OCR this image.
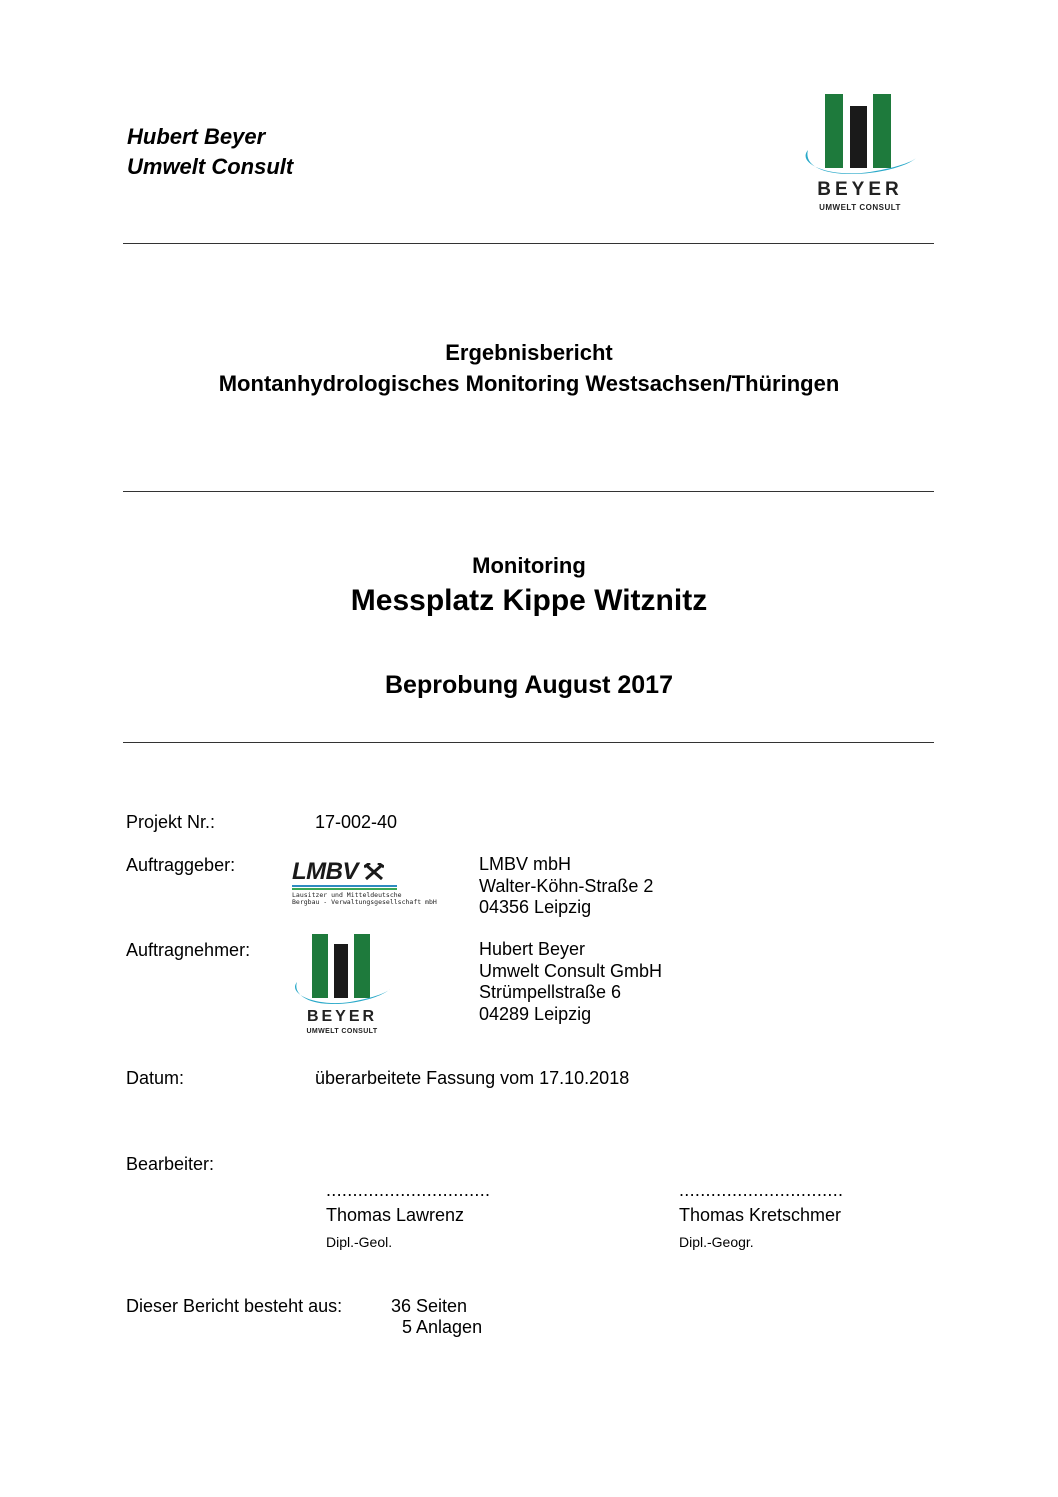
Hubert Beyer
Umwelt Consult
BEYER
UMWELT CONSULT
Ergebnisbericht
Montanhydrologisches Monitoring Westsachsen/Thüringen
Monitoring
Messplatz Kippe Witznitz
Beprobung August 2017
Projekt Nr.:	17-002-40
Auftraggeber: LMBV
Lausitzer und Mitteldeutsche
Bergbau - Verwaltungsgesellschaft mbH
LMBV mbH
Walter-Köhn-Straße 2
04356 Leipzig
Auftragnehmer:
BEYER
UMWELT CONSULT
Hubert Beyer
Umwelt Consult GmbH
Strümpellstraße 6
04289 Leipzig
Datum:	überarbeitete Fassung vom 17.10.2018
Bearbeiter:
...............................
Thomas Lawrenz
Dipl.-Geol.
...............................
Thomas Kretschmer
Dipl.-Geogr.
Dieser Bericht besteht aus:	36 Seiten
5 Anlagen
